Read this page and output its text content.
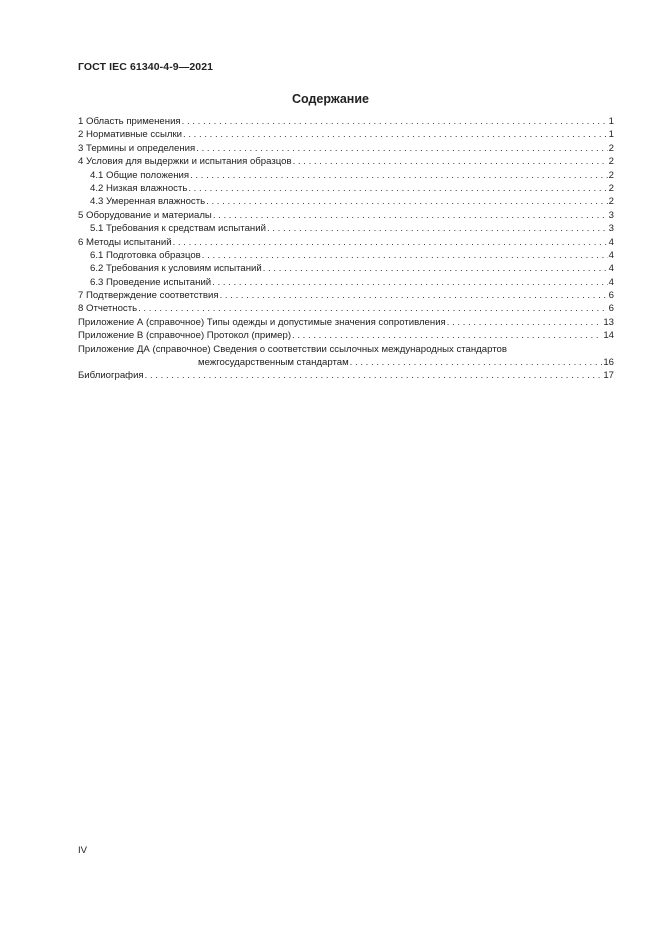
ГОСТ IEC 61340-4-9—2021
Содержание
1 Область применения . . .	1
2 Нормативные ссылки . . .	1
3 Термины и определения . . .	2
4 Условия для выдержки и испытания образцов . . .	2
4.1 Общие положения . . .	2
4.2 Низкая влажность . . .	2
4.3 Умеренная влажность . . .	2
5 Оборудование и материалы . . .	3
5.1 Требования к средствам испытаний . . .	3
6 Методы испытаний . . .	4
6.1 Подготовка образцов . . .	4
6.2 Требования к условиям испытаний . . .	4
6.3 Проведение испытаний . . .	4
7 Подтверждение соответствия . . .	6
8 Отчетность . . .	6
Приложение А (справочное) Типы одежды и допустимые значения сопротивления . . .	13
Приложение В (справочное) Протокол (пример) . . .	14
Приложение ДА (справочное) Сведения о соответствии ссылочных международных стандартов
межгосударственным стандартам . . .	16
Библиография . . .	17
IV
